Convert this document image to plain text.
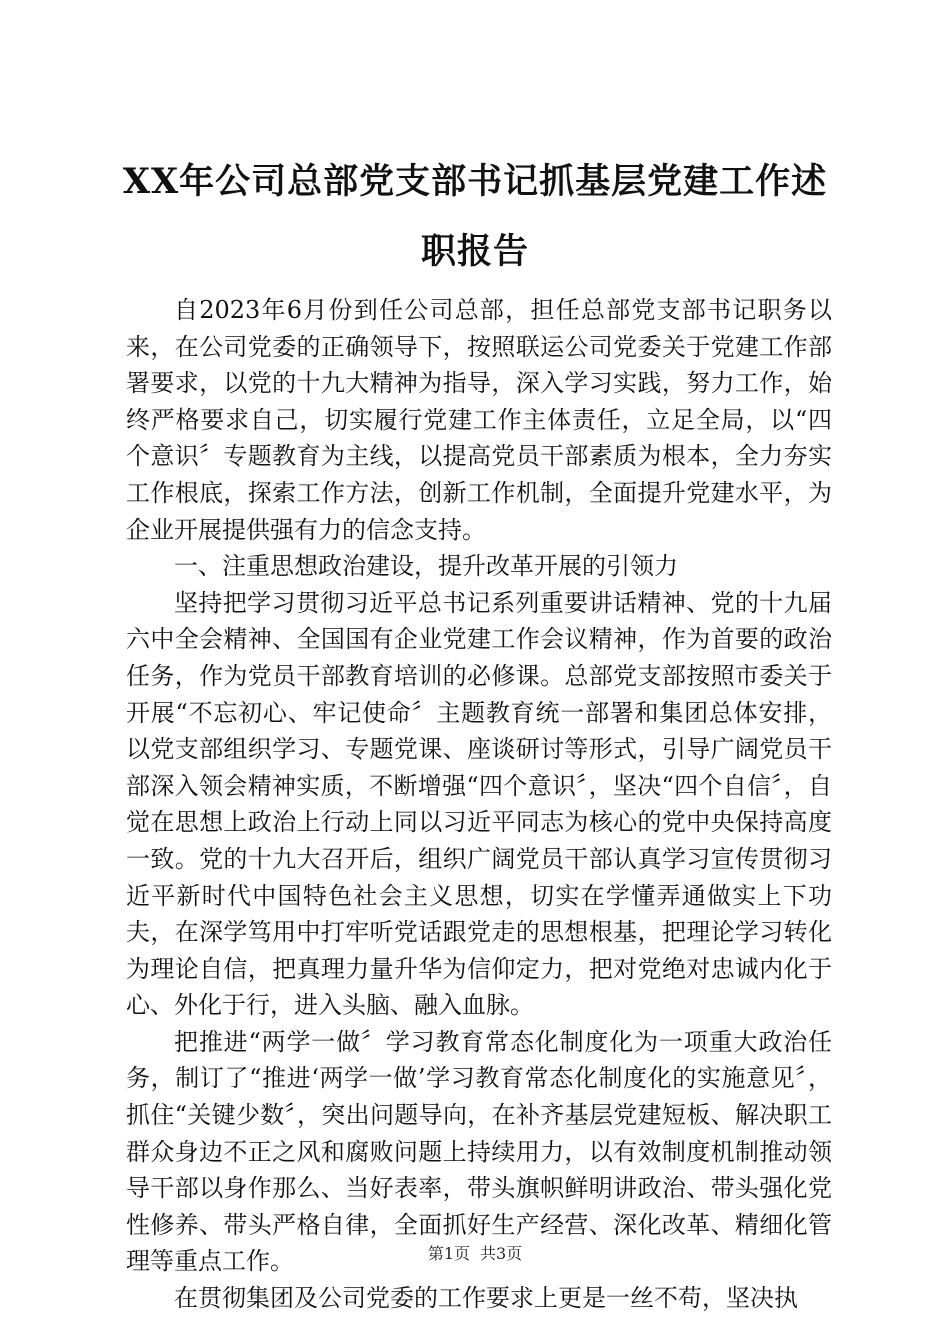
XX年公司总部党支部书记抓基层党建工作述
职报告

自2023年6月份到任公司总部，担任总部党支部书记职务以来，在公司党委的正确领导下，按照联运公司党委关于党建工作部署要求，以党的十九大精神为指导，深入学习实践，努力工作，始终严格要求自己，切实履行党建工作主体责任，立足全局，以“四个意识〞专题教育为主线，以提高党员干部素质为根本，全力夯实工作根底，探索工作方法，创新工作机制，全面提升党建水平，为企业开展提供强有力的信念支持。

一、注重思想政治建设，提升改革开展的引领力

坚持把学习贯彻习近平总书记系列重要讲话精神、党的十九届六中全会精神、全国国有企业党建工作会议精神，作为首要的政治任务，作为党员干部教育培训的必修课。总部党支部按照市委关于开展“不忘初心、牢记使命〞主题教育统一部署和集团总体安排，以党支部组织学习、专题党课、座谈研讨等形式，引导广阔党员干部深入领会精神实质，不断增强“四个意识〞，坚决“四个自信〞，自觉在思想上政治上行动上同以习近平同志为核心的党中央保持高度一致。党的十九大召开后，组织广阔党员干部认真学习宣传贯彻习近平新时代中国特色社会主义思想，切实在学懂弄通做实上下功夫，在深学笃用中打牢听党话跟党走的思想根基，把理论学习转化为理论自信，把真理力量升华为信仰定力，把对党绝对忠诚内化于心、外化于行，进入头脑、融入血脉。

把推进“两学一做〞学习教育常态化制度化为一项重大政治任务，制订了“推进‘两学一做’学习教育常态化制度化的实施意见〞，抓住“关键少数〞，突出问题导向，在补齐基层党建短板、解决职工群众身边不正之风和腐败问题上持续用力，以有效制度机制推动领导干部以身作那么、当好表率，带头旗帜鲜明讲政治、带头强化党性修养、带头严格自律，全面抓好生产经营、深化改革、精细化管理等重点工作。

在贯彻集团及公司党委的工作要求上更是一丝不苟，坚决执

第1页 共3页
